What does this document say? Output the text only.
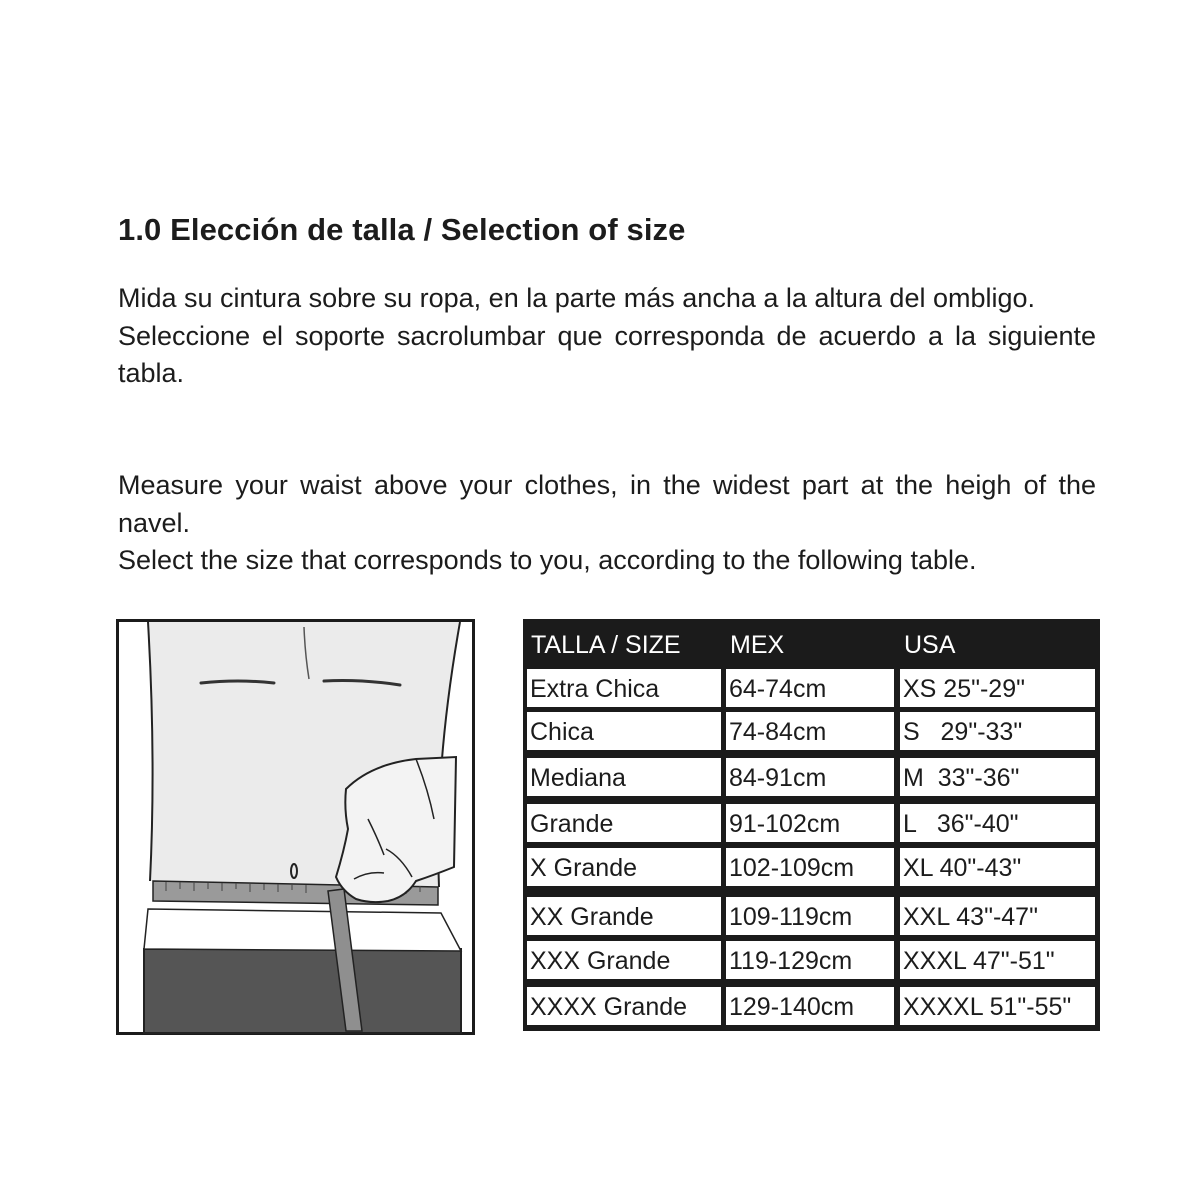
1.0 Elección de talla / Selection of size

Mida su cintura sobre su ropa, en la parte más ancha a la altura del ombligo.

Seleccione el soporte sacrolumbar que corresponda de acuerdo a la siguiente tabla.

Measure your waist above your clothes, in the widest part at the heigh of the navel.

Select the size that corresponds to you, according to the following table.

TALLA / SIZE MEX	USA
Extra Chica	64-74cm	XS 25"-29"
Chica	74-84cm	S   29"-33"
Mediana	84-91cm	M  33"-36"
Grande	91-102cm	L   36"-40"
X Grande	102-109cm XL 40"-43"
XX Grande	109-119cm XXL 43"-47"
XXX Grande 119-129cm XXXL 47"-51"
XXXX Grande 129-140cm XXXXL 51"-55"
